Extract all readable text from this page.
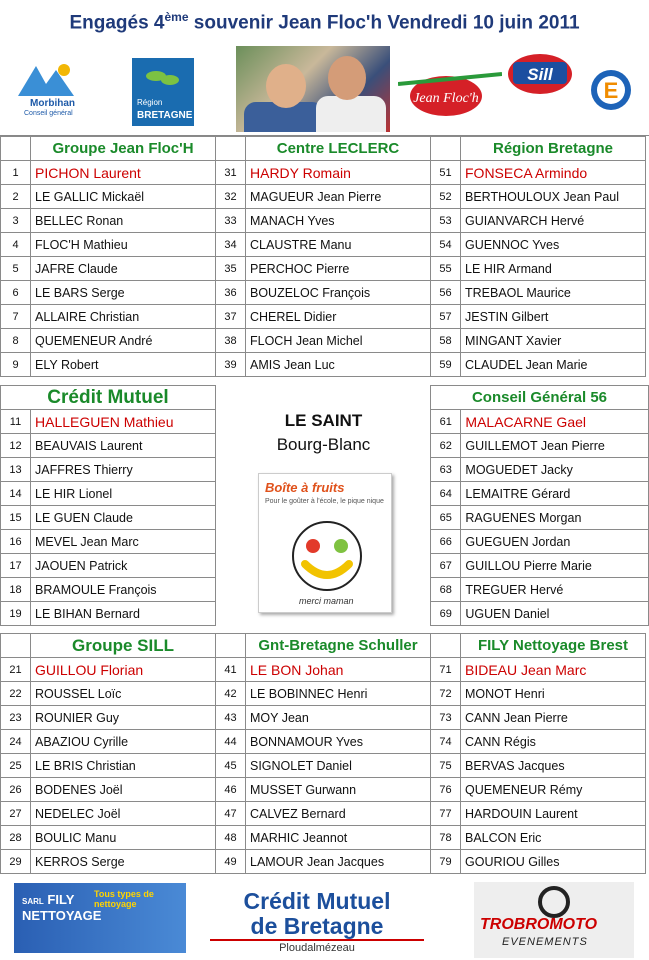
Engagés 4ème souvenir Jean Floc'h Vendredi 10 juin 2011
Morbihan
Conseil général
Région
BRETAGNE
Jean Floc'h
Sill
E
	Groupe Jean Floc'H		Centre LECLERC		Région Bretagne
1	PICHON Laurent	31	HARDY Romain	51	FONSECA Armindo
2	LE GALLIC Mickaël	32	MAGUEUR Jean Pierre	52	BERTHOULOUX Jean Paul
3	BELLEC Ronan	33	MANACH Yves	53	GUIANVARCH Hervé
4	FLOC'H Mathieu	34	CLAUSTRE Manu	54	GUENNOC Yves
5	JAFRE Claude	35	PERCHOC Pierre	55	LE HIR Armand
6	LE BARS Serge	36	BOUZELOC François	56	TREBAOL Maurice
7	ALLAIRE Christian	37	CHEREL Didier	57	JESTIN Gilbert
8	QUEMENEUR André	38	FLOCH Jean Michel	58	MINGANT Xavier
9	ELY Robert	39	AMIS Jean Luc	59	CLAUDEL Jean Marie
Crédit Mutuel			Conseil Général 56	
11	HALLEGUEN Mathieu		61	MALACARNE Gael
12	BEAUVAIS Laurent		62	GUILLEMOT Jean Pierre
13	JAFFRES Thierry		63	MOGUEDET Jacky
14	LE HIR Lionel		64	LEMAITRE Gérard
15	LE GUEN Claude		65	RAGUENES Morgan
16	MEVEL Jean Marc		66	GUEGUEN Jordan
17	JAOUEN Patrick		67	GUILLOU Pierre Marie
18	BRAMOULE François		68	TREGUER Hervé
19	LE BIHAN Bernard		69	UGUEN Daniel
LE SAINT
Bourg-Blanc
Boîte à fruits
Pour le goûter à l'école, le pique nique
merci maman
	Groupe SILL		Gnt-Bretagne Schuller		FILY Nettoyage Brest
21	GUILLOU Florian	41	LE BON Johan	71	BIDEAU Jean Marc
22	ROUSSEL Loïc	42	LE BOBINNEC Henri	72	MONOT Henri
23	ROUNIER Guy	43	MOY Jean	73	CANN Jean Pierre
24	ABAZIOU Cyrille	44	BONNAMOUR Yves	74	CANN Régis
25	LE BRIS Christian	45	SIGNOLET Daniel	75	BERVAS Jacques
26	BODENES Joël	46	MUSSET Gurwann	76	QUEMENEUR Rémy
27	NEDELEC Joël	47	CALVEZ Bernard	77	HARDOUIN Laurent
28	BOULIC Manu	48	MARHIC Jeannot	78	BALCON Eric
29	KERROS Serge	49	LAMOUR Jean Jacques	79	GOURIOU Gilles
SARL FILY
NETTOYAGE
Tous types de nettoyage	Crédit Mutuel
de Bretagne
Ploudalmézeau
TROBROMOTO
EVENEMENTS
